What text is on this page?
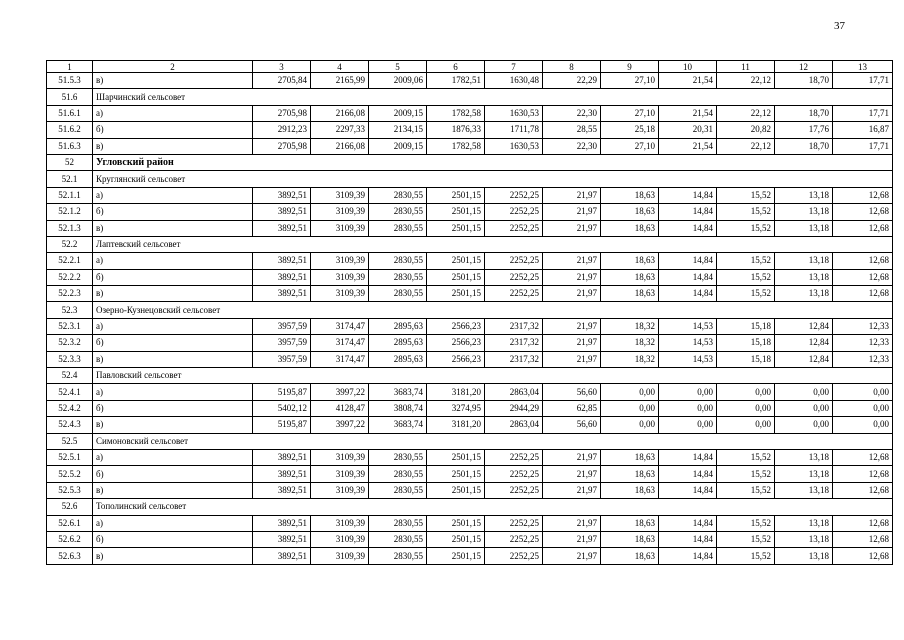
37
1	2	3	4	5	6	7	8	9	10	11	12	13
51.5.3	в)	2705,84	2165,99	2009,06	1782,51	1630,48	22,29	27,10	21,54	22,12	18,70	17,71
51.6	Шарчинский сельсовет											
51.6.1	а)	2705,98	2166,08	2009,15	1782,58	1630,53	22,30	27,10	21,54	22,12	18,70	17,71
51.6.2	б)	2912,23	2297,33	2134,15	1876,33	1711,78	28,55	25,18	20,31	20,82	17,76	16,87
51.6.3	в)	2705,98	2166,08	2009,15	1782,58	1630,53	22,30	27,10	21,54	22,12	18,70	17,71
52	Угловский район											
52.1	Круглянский сельсовет											
52.1.1	а)	3892,51	3109,39	2830,55	2501,15	2252,25	21,97	18,63	14,84	15,52	13,18	12,68
52.1.2	б)	3892,51	3109,39	2830,55	2501,15	2252,25	21,97	18,63	14,84	15,52	13,18	12,68
52.1.3	в)	3892,51	3109,39	2830,55	2501,15	2252,25	21,97	18,63	14,84	15,52	13,18	12,68
52.2	Лаптевский сельсовет											
52.2.1	а)	3892,51	3109,39	2830,55	2501,15	2252,25	21,97	18,63	14,84	15,52	13,18	12,68
52.2.2	б)	3892,51	3109,39	2830,55	2501,15	2252,25	21,97	18,63	14,84	15,52	13,18	12,68
52.2.3	в)	3892,51	3109,39	2830,55	2501,15	2252,25	21,97	18,63	14,84	15,52	13,18	12,68
52.3	Озерно-Кузнецовский сельсовет											
52.3.1	а)	3957,59	3174,47	2895,63	2566,23	2317,32	21,97	18,32	14,53	15,18	12,84	12,33
52.3.2	б)	3957,59	3174,47	2895,63	2566,23	2317,32	21,97	18,32	14,53	15,18	12,84	12,33
52.3.3	в)	3957,59	3174,47	2895,63	2566,23	2317,32	21,97	18,32	14,53	15,18	12,84	12,33
52.4	Павловский сельсовет											
52.4.1	а)	5195,87	3997,22	3683,74	3181,20	2863,04	56,60	0,00	0,00	0,00	0,00	0,00
52.4.2	б)	5402,12	4128,47	3808,74	3274,95	2944,29	62,85	0,00	0,00	0,00	0,00	0,00
52.4.3	в)	5195,87	3997,22	3683,74	3181,20	2863,04	56,60	0,00	0,00	0,00	0,00	0,00
52.5	Симоновский сельсовет											
52.5.1	а)	3892,51	3109,39	2830,55	2501,15	2252,25	21,97	18,63	14,84	15,52	13,18	12,68
52.5.2	б)	3892,51	3109,39	2830,55	2501,15	2252,25	21,97	18,63	14,84	15,52	13,18	12,68
52.5.3	в)	3892,51	3109,39	2830,55	2501,15	2252,25	21,97	18,63	14,84	15,52	13,18	12,68
52.6	Тополинский сельсовет											
52.6.1	а)	3892,51	3109,39	2830,55	2501,15	2252,25	21,97	18,63	14,84	15,52	13,18	12,68
52.6.2	б)	3892,51	3109,39	2830,55	2501,15	2252,25	21,97	18,63	14,84	15,52	13,18	12,68
52.6.3	в)	3892,51	3109,39	2830,55	2501,15	2252,25	21,97	18,63	14,84	15,52	13,18	12,68
